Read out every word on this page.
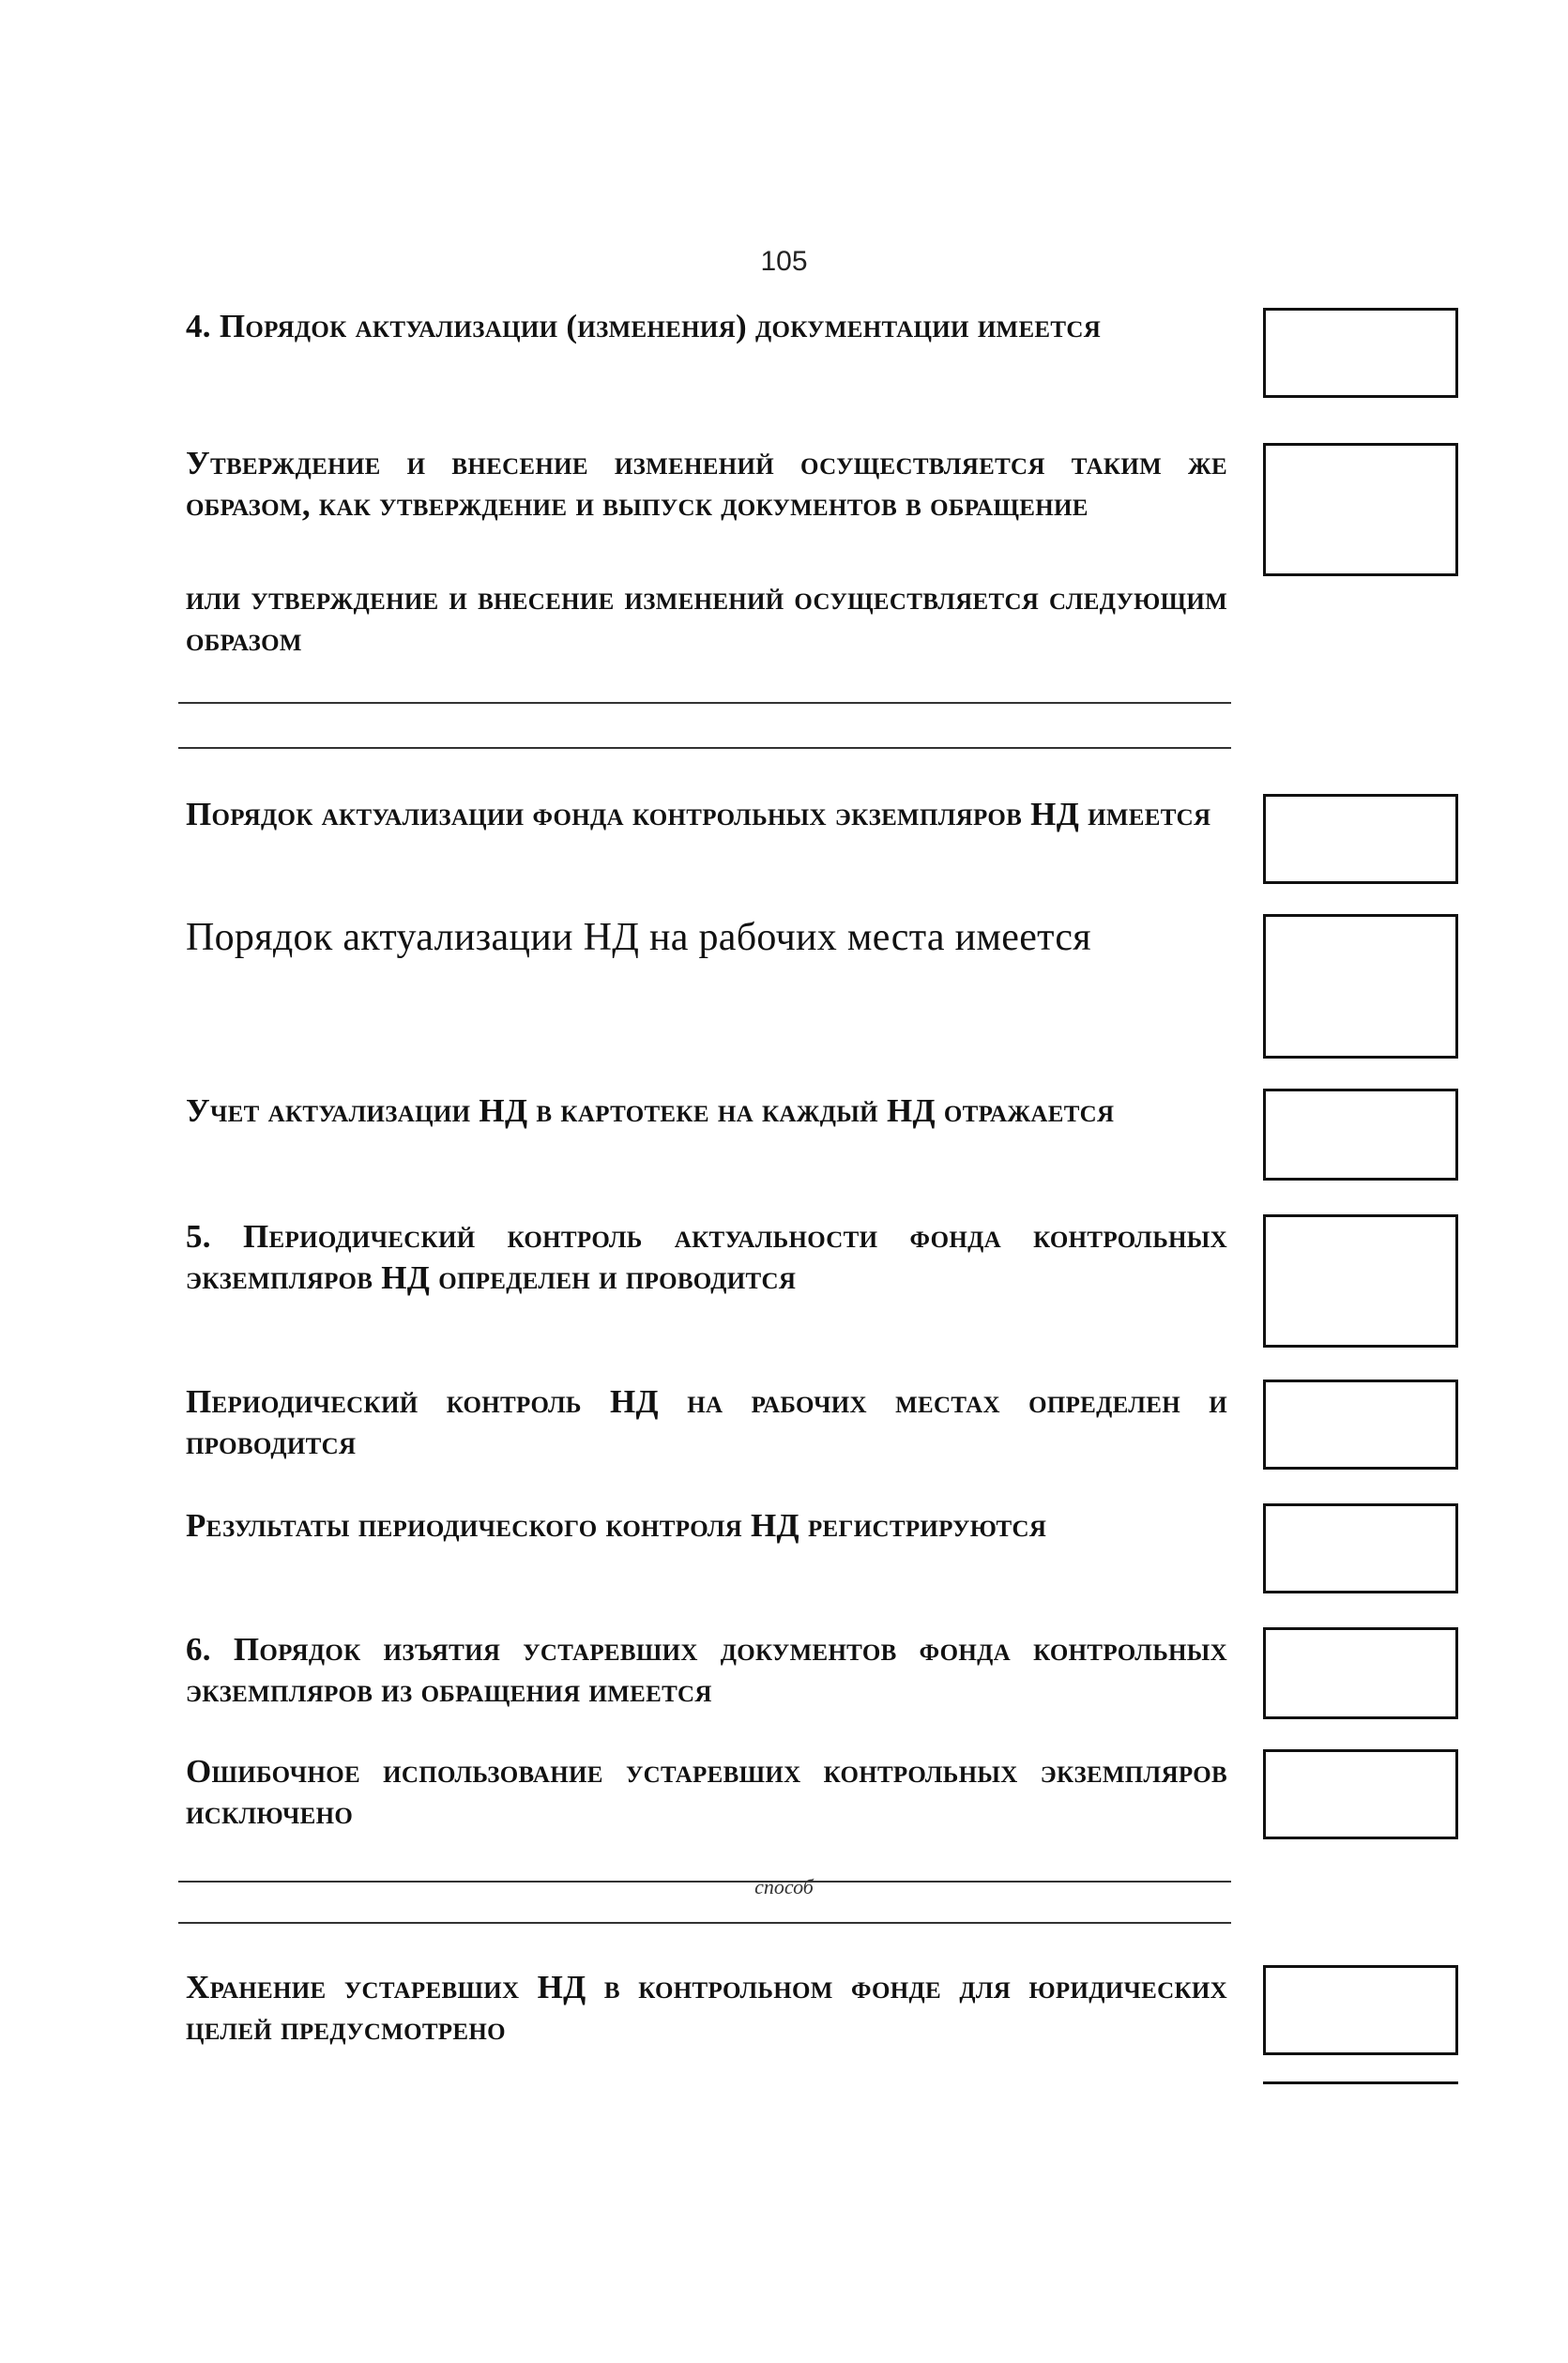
105
4. Порядок актуализации (изменения) документации имеется
Утверждение и внесение изменений осуществляется таким же образом, как утверждение и выпуск документов в обращение
или утверждение и внесение изменений осуществляется следующим образом
Порядок актуализации фонда контрольных экземпляров НД имеется
Порядок актуализации НД на рабочих места имеется
Учет актуализации НД в картотеке на каждый НД отражается
5. Периодический контроль актуальности фонда контрольных экземпляров НД определен и проводится
Периодический контроль НД на рабочих местах определен и проводится
Результаты периодического контроля НД регистрируются
6. Порядок изъятия устаревших документов фонда контрольных экземпляров из обращения имеется
Ошибочное использование устаревших контрольных экземпляров исключено
способ
Хранение устаревших НД в контрольном фонде для юридических целей предусмотрено
